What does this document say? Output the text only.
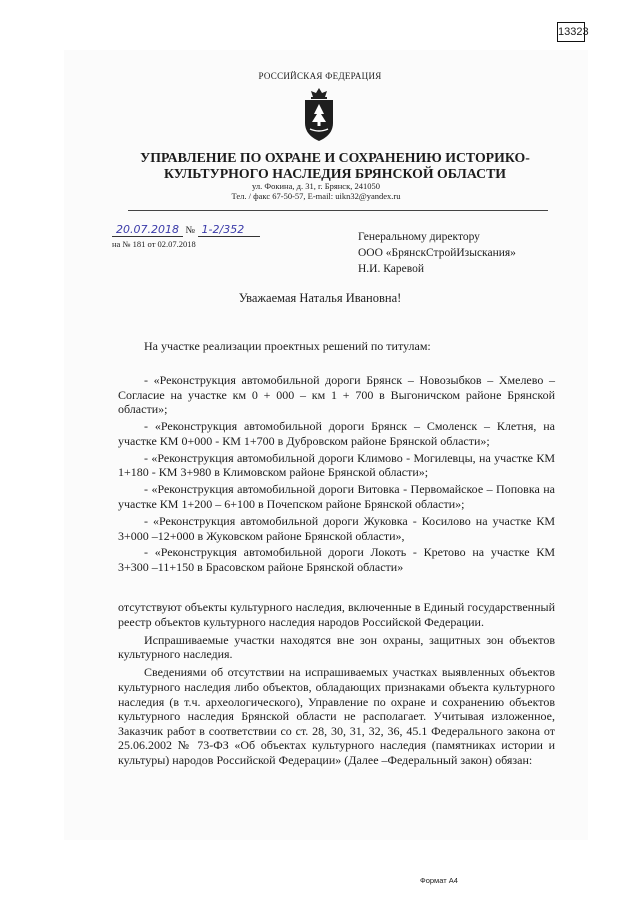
13323
РОССИЙСКАЯ ФЕДЕРАЦИЯ
УПРАВЛЕНИЕ ПО ОХРАНЕ И СОХРАНЕНИЮ ИСТОРИКО-
КУЛЬТУРНОГО НАСЛЕДИЯ БРЯНСКОЙ ОБЛАСТИ
ул. Фокина, д. 31, г. Брянск, 241050
Тел. / факс 67-50-57, E-mail: uikn32@yandex.ru
20.07.2018 № 1-2/352
на № 181 от 02.07.2018
Генеральному директору
ООО «БрянскСтройИзыскания»
Н.И. Каревой
Уважаемая Наталья Ивановна!

На участке реализации проектных решений по титулам:

- «Реконструкция автомобильной дороги Брянск – Новозыбков – Хмелево – Согласие на участке км 0 + 000 – км 1 + 700 в Выгоничском районе Брянской области»;

- «Реконструкция автомобильной дороги Брянск – Смоленск – Клетня, на участке КМ 0+000 - КМ 1+700 в Дубровском районе Брянской области»;

- «Реконструкция автомобильной дороги Климово - Могилевцы, на участке КМ 1+180 - КМ 3+980 в Климовском районе Брянской области»;

- «Реконструкция автомобильной дороги Витовка - Первомайское – Поповка на участке КМ 1+200 – 6+100 в Почепском районе Брянской области»;

- «Реконструкция автомобильной дороги Жуковка - Косилово на участке КМ 3+000 –12+000 в Жуковском районе Брянской области»,

- «Реконструкция автомобильной дороги Локоть - Кретово на участке КМ 3+300 –11+150 в Брасовском районе Брянской области»

отсутствуют объекты культурного наследия, включенные в Единый государственный реестр объектов культурного наследия народов Российской Федерации.

Испрашиваемые участки находятся вне зон охраны, защитных зон объектов культурного наследия.

Сведениями об отсутствии на испрашиваемых участках выявленных объектов культурного наследия либо объектов, обладающих признаками объекта культурного наследия (в т.ч. археологического), Управление по охране и сохранению объектов культурного наследия Брянской области не располагает. Учитывая изложенное, Заказчик работ в соответствии со ст. 28, 30, 31, 32, 36, 45.1 Федерального закона от 25.06.2002 № 73-ФЗ «Об объектах культурного наследия (памятниках истории и культуры) народов Российской Федерации» (Далее –Федеральный закон) обязан:

Формат А4
